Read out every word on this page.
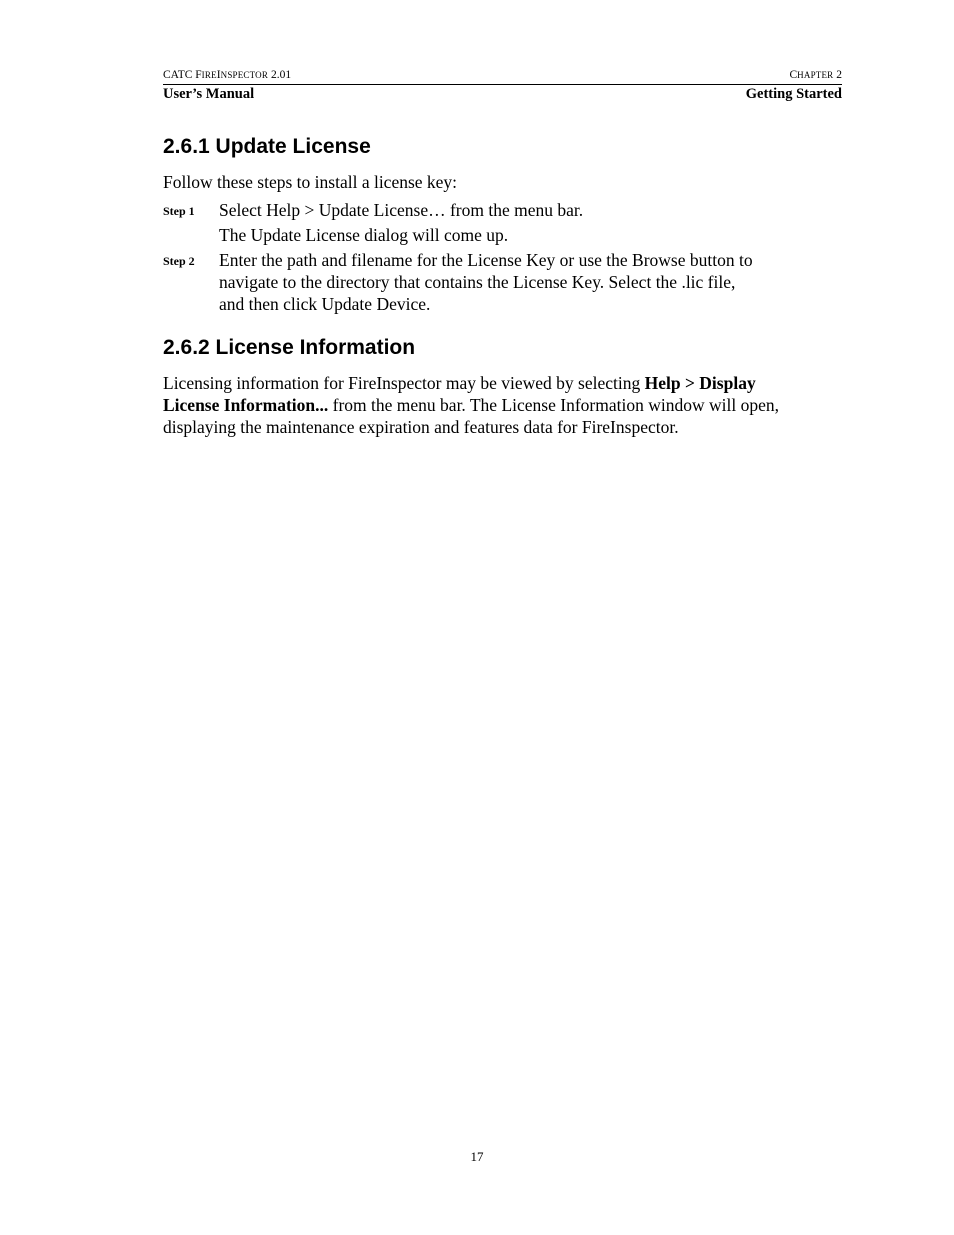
CATC FIREINSPECTOR 2.01	CHAPTER 2
User’s Manual	Getting Started
2.6.1 Update License

Follow these steps to install a license key:

Step 1	Select Help > Update License… from the menu bar.

The Update License dialog will come up.

Step 2	Enter the path and filename for the License Key or use the Browse button to

navigate to the directory that contains the License Key. Select the .lic file,

and then click Update Device.

2.6.2 License Information

Licensing information for FireInspector may be viewed by selecting Help > Display
License Information... from the menu bar. The License Information window will open,
displaying the maintenance expiration and features data for FireInspector.

17
